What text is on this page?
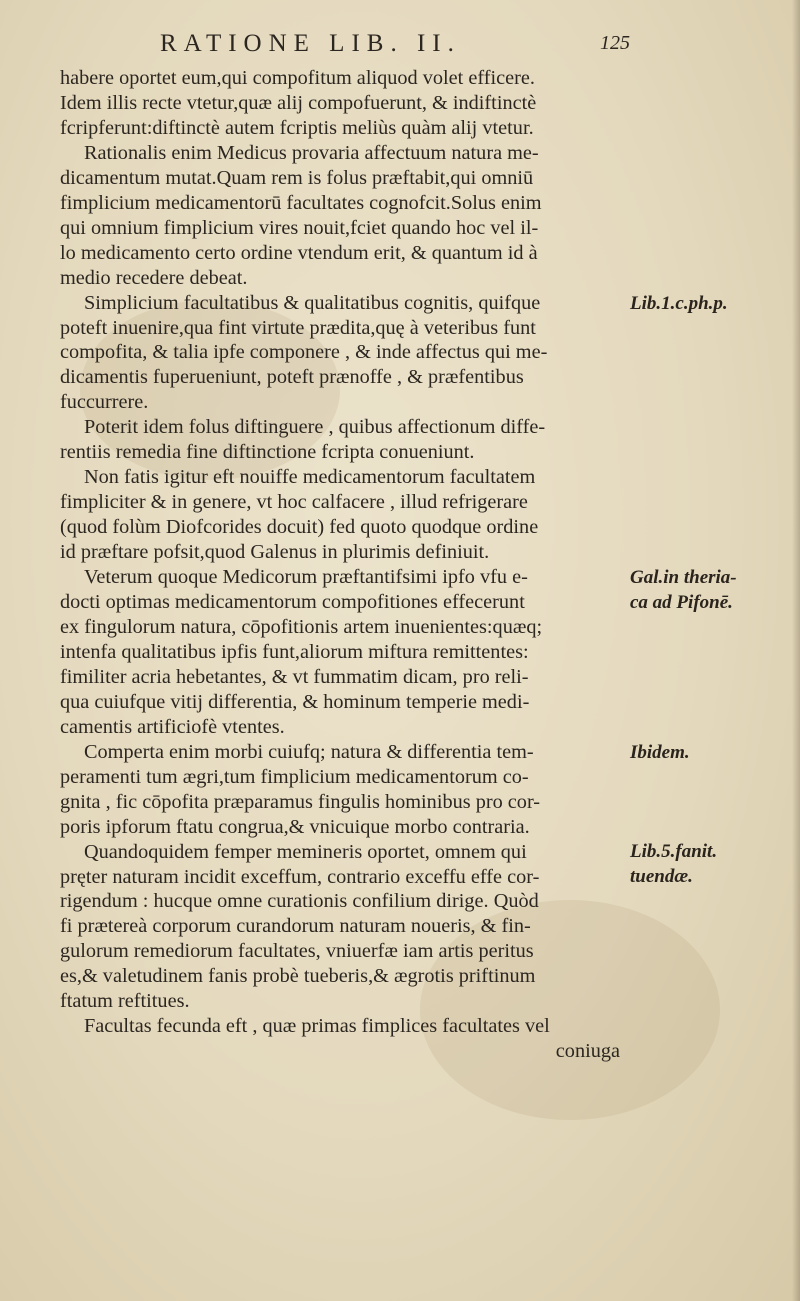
RATIONE LIB. II.	125
habere oportet eum,qui compofitum aliquod volet efficere.
Idem illis recte vtetur,quæ alij compofuerunt, & indiftinctè
fcripferunt:diftinctè autem fcriptis meliùs quàm alij vtetur.
Rationalis enim Medicus provaria affectuum natura me-
dicamentum mutat.Quam rem is folus præftabit,qui omniū
fimplicium medicamentorū facultates cognofcit.Solus enim
qui omnium fimplicium vires nouit,fciet quando hoc vel il-
lo medicamento certo ordine vtendum erit, & quantum id à
medio recedere debeat.
Simplicium facultatibus & qualitatibus cognitis, quifque
poteft inuenire,qua fint virtute prædita,quę à veteribus funt
compofita, & talia ipfe componere , & inde affectus qui me-
dicamentis fuperueniunt, poteft prænoffe , & præfentibus
fuccurrere.
Poterit idem folus diftinguere , quibus affectionum diffe-
rentiis remedia fine diftinctione fcripta conueniunt.
Non fatis igitur eft nouiffe medicamentorum facultatem
fimpliciter & in genere, vt hoc calfacere , illud refrigerare
(quod folùm Diofcorides docuit) fed quoto quodque ordine
id præftare pofsit,quod Galenus in plurimis definiuit.
Veterum quoque Medicorum præftantifsimi ipfo vfu e-
docti optimas medicamentorum compofitiones effecerunt
ex fingulorum natura, cōpofitionis artem inuenientes:quæq;
intenfa qualitatibus ipfis funt,aliorum miftura remittentes:
fimiliter acria hebetantes, & vt fummatim dicam, pro reli-
qua cuiufque vitij differentia, & hominum temperie medi-
camentis artificiofè vtentes.
Comperta enim morbi cuiufq; natura & differentia tem-
peramenti tum ægri,tum fimplicium medicamentorum co-
gnita , fic cōpofita præparamus fingulis hominibus pro cor-
poris ipforum ftatu congrua,& vnicuique morbo contraria.
Quandoquidem femper memineris oportet, omnem qui
pręter naturam incidit exceffum, contrario exceffu effe cor-
rigendum : hucque omne curationis confilium dirige. Quòd
fi prætereà corporum curandorum naturam noueris, & fin-
gulorum remediorum facultates, vniuerfæ iam artis peritus
es,& valetudinem fanis probè tueberis,& ægrotis priftinum
ftatum reftitues.
Facultas fecunda eft , quæ primas fimplices facultates vel
coniuga
Lib.1.c.ph.p.
Gal.in theria-
ca ad Pifonē.
Ibidem.
Lib.5.fanit.
tuendæ.
